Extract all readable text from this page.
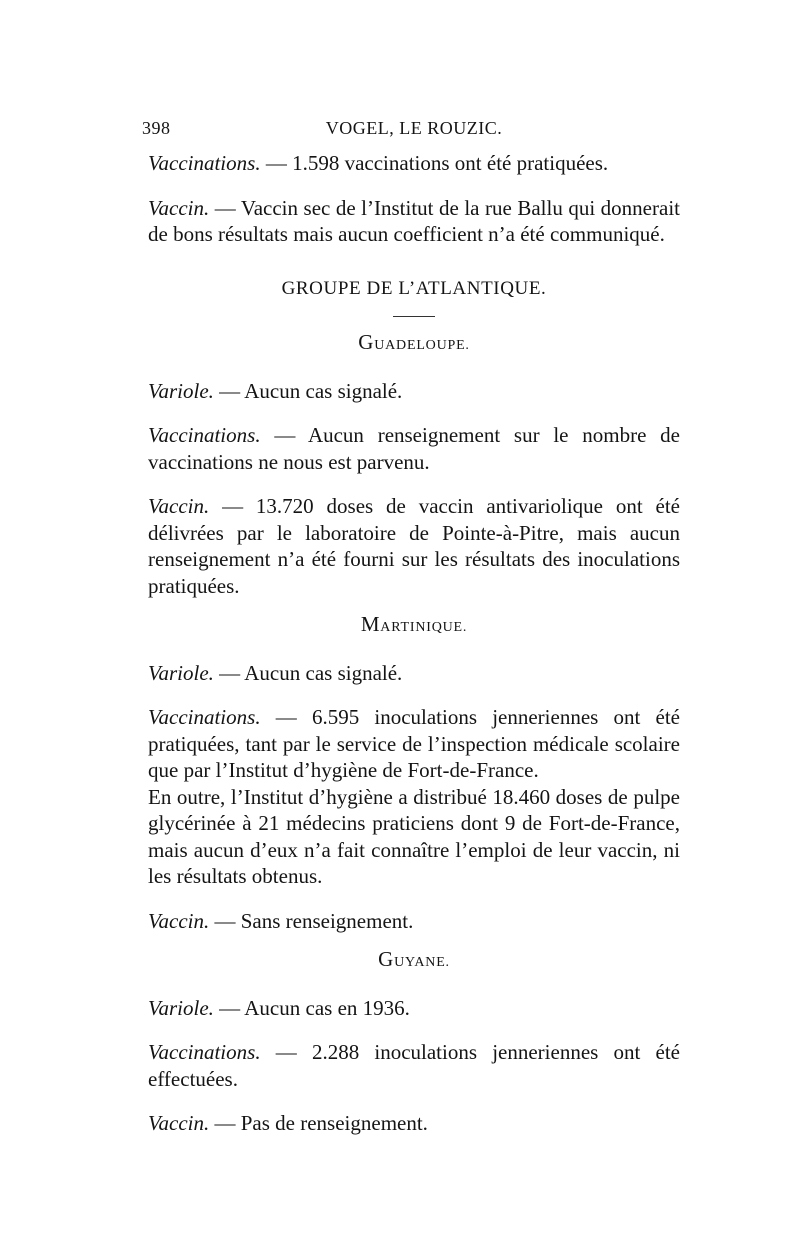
398	VOGEL, LE ROUZIC.

Vaccinations. — 1.598 vaccinations ont été pratiquées.

Vaccin. — Vaccin sec de l’Institut de la rue Ballu qui donnerait de bons résultats mais aucun coefficient n’a été communiqué.

GROUPE DE L’ATLANTIQUE.

GUADELOUPE.

Variole. — Aucun cas signalé.

Vaccinations. — Aucun renseignement sur le nombre de vaccinations ne nous est parvenu.

Vaccin. — 13.720 doses de vaccin antivariolique ont été délivrées par le laboratoire de Pointe-à-Pitre, mais aucun renseignement n’a été fourni sur les résultats des inoculations pratiquées.

MARTINIQUE.

Variole. — Aucun cas signalé.

Vaccinations. — 6.595 inoculations jenneriennes ont été pratiquées, tant par le service de l’inspection médicale scolaire que par l’Institut d’hygiène de Fort-de-France.

En outre, l’Institut d’hygiène a distribué 18.460 doses de pulpe glycérinée à 21 médecins praticiens dont 9 de Fort-de-France, mais aucun d’eux n’a fait connaître l’emploi de leur vaccin, ni les résultats obtenus.

Vaccin. — Sans renseignement.

GUYANE.

Variole. — Aucun cas en 1936.

Vaccinations. — 2.288 inoculations jenneriennes ont été effectuées.

Vaccin. — Pas de renseignement.
